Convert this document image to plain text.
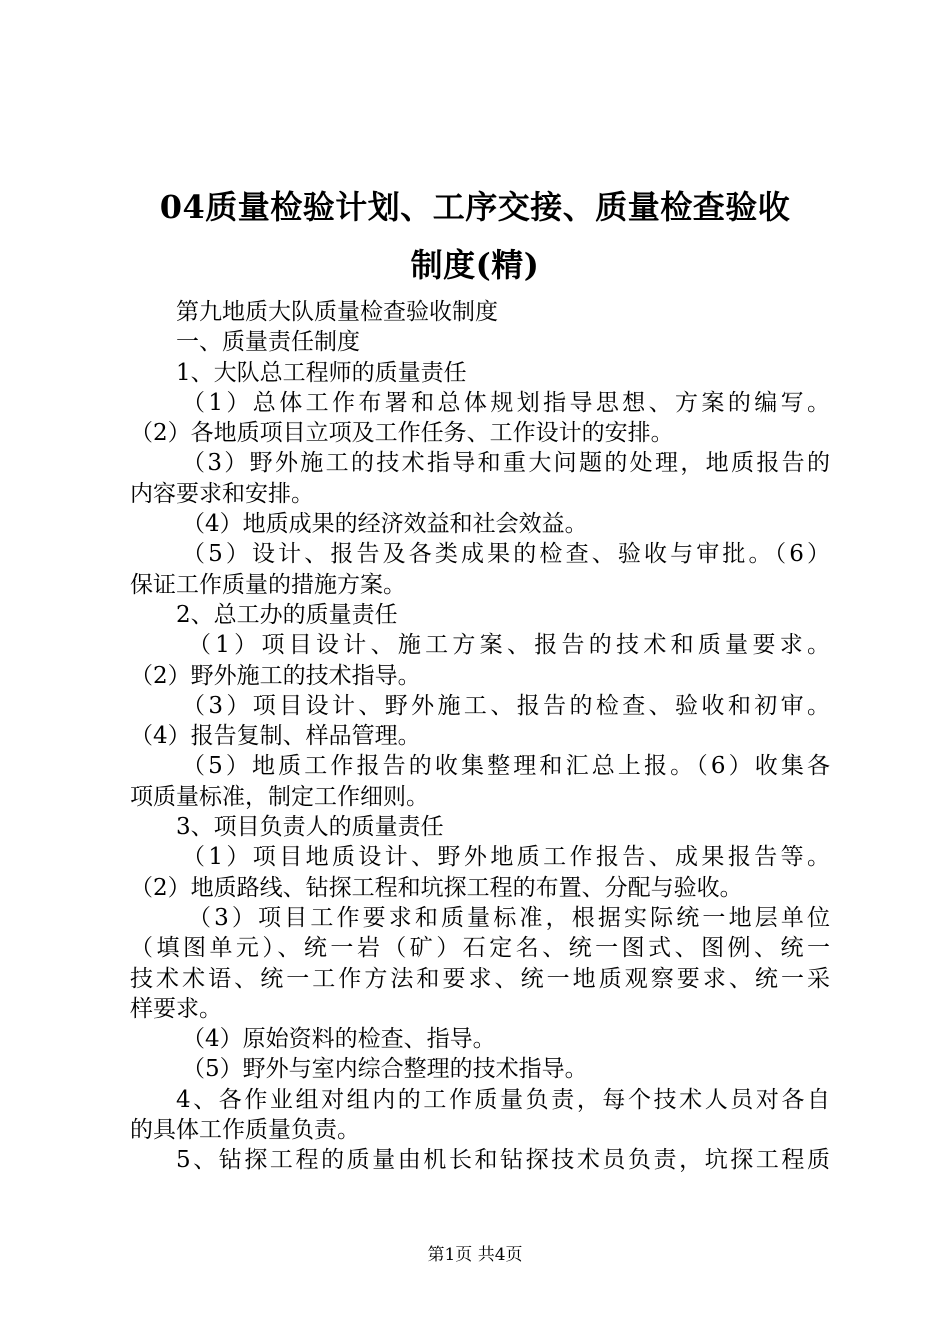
04质量检验计划、工序交接、质量检查验收
制度(精)
第九地质大队质量检查验收制度
一、质量责任制度
1、大队总工程师的质量责任
（1）总体工作布署和总体规划指导思想、方案的编写。
（2）各地质项目立项及工作任务、工作设计的安排。
（3）野外施工的技术指导和重大问题的处理，地质报告的
内容要求和安排。
（4）地质成果的经济效益和社会效益。
（5）设计、报告及各类成果的检查、验收与审批。（6）
保证工作质量的措施方案。
2、总工办的质量责任
（1）项目设计、施工方案、报告的技术和质量要求。
（2）野外施工的技术指导。
（3）项目设计、野外施工、报告的检查、验收和初审。
（4）报告复制、样品管理。
（5）地质工作报告的收集整理和汇总上报。（6）收集各
项质量标准，制定工作细则。
3、项目负责人的质量责任
（1）项目地质设计、野外地质工作报告、成果报告等。
（2）地质路线、钻探工程和坑探工程的布置、分配与验收。
（3）项目工作要求和质量标准，根据实际统一地层单位
（填图单元）、统一岩（矿）石定名、统一图式、图例、统一
技术术语、统一工作方法和要求、统一地质观察要求、统一采
样要求。
（4）原始资料的检查、指导。
（5）野外与室内综合整理的技术指导。
4、各作业组对组内的工作质量负责，每个技术人员对各自
的具体工作质量负责。
5、钻探工程的质量由机长和钻探技术员负责，坑探工程质
第1页 共4页
